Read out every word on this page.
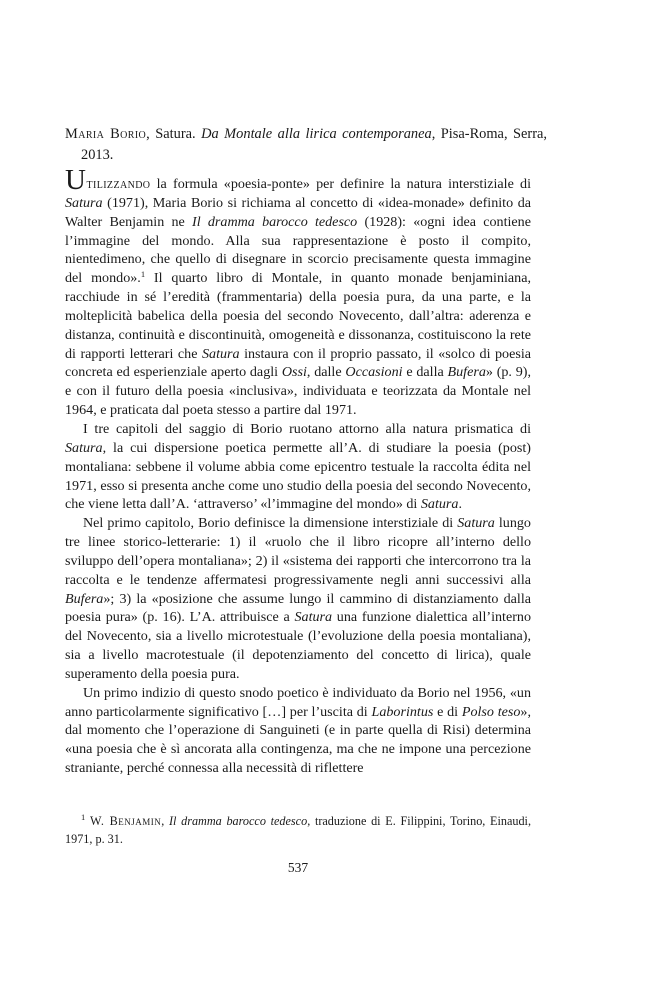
Maria Borio, Satura. Da Montale alla lirica contemporanea, Pisa-Roma, Serra, 2013.

Utilizzando la formula «poesia-ponte» per definire la natura interstiziale di Satura (1971), Maria Borio si richiama al concetto di «idea-monade» definito da Walter Benjamin ne Il dramma barocco tedesco (1928): «ogni idea contiene l’immagine del mondo. Alla sua rappresentazione è posto il compito, nientedimeno, che quello di disegnare in scorcio precisamente questa immagine del mondo».$^1$ Il quarto libro di Montale, in quanto monade benjaminiana, racchiude in sé l’eredità (frammentaria) della poesia pura, da una parte, e la molteplicità babelica della poesia del secondo Novecento, dall’altra: aderenza e distanza, continuità e discontinuità, omogeneità e dissonanza, costituiscono la rete di rapporti letterari che Satura instaura con il proprio passato, il «solco di poesia concreta ed esperienziale aperto dagli Ossi, dalle Occasioni e dalla Bufera» (p. 9), e con il futuro della poesia «inclusiva», individuata e teorizzata da Montale nel 1964, e praticata dal poeta stesso a partire dal 1971.

I tre capitoli del saggio di Borio ruotano attorno alla natura prismatica di Satura, la cui dispersione poetica permette all’A. di studiare la poesia (post) montaliana: sebbene il volume abbia come epicentro testuale la raccolta édita nel 1971, esso si presenta anche come uno studio della poesia del secondo Novecento, che viene letta dall’A. ‘attraverso’ «l’immagine del mondo» di Satura.

Nel primo capitolo, Borio definisce la dimensione interstiziale di Satura lungo tre linee storico-letterarie: 1) il «ruolo che il libro ricopre all’interno dello sviluppo dell’opera montaliana»; 2) il «sistema dei rapporti che intercorrono tra la raccolta e le tendenze affermatesi progressivamente negli anni successivi alla Bufera»; 3) la «posizione che assume lungo il cammino di distanziamento dalla poesia pura» (p. 16). L’A. attribuisce a Satura una funzione dialettica all’interno del Novecento, sia a livello microtestuale (l’evoluzione della poesia montaliana), sia a livello macrotestuale (il depotenziamento del concetto di lirica), quale superamento della poesia pura.

Un primo indizio di questo snodo poetico è individuato da Borio nel 1956, «un anno particolarmente significativo […] per l’uscita di Laborintus e di Polso teso», dal momento che l’operazione di Sanguineti (e in parte quella di Risi) determina «una poesia che è sì ancorata alla contingenza, ma che ne impone una percezione straniante, perché connessa alla necessità di riflettere

$^1$ W. Benjamin, Il dramma barocco tedesco, traduzione di E. Filippini, Torino, Einaudi, 1971, p. 31.
537
